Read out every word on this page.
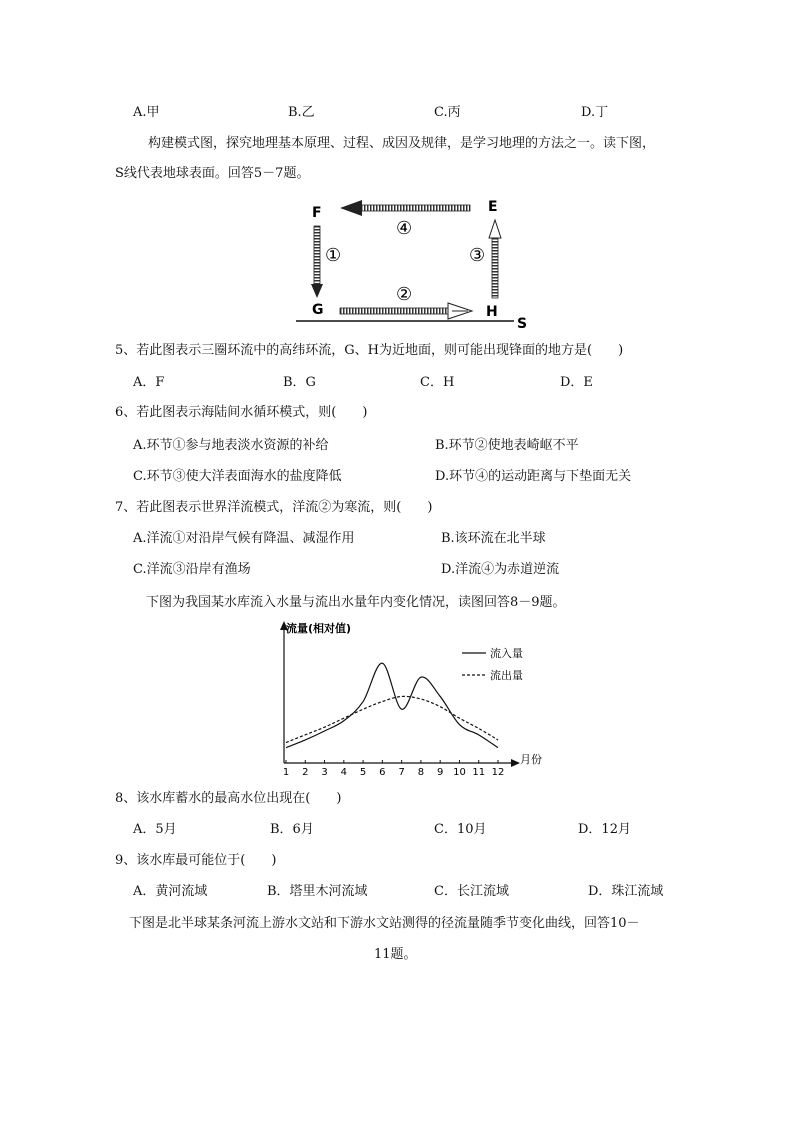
A.甲	B.乙	C.丙	D.丁
构建模式图，探究地理基本原理、过程、成因及规律，是学习地理的方法之一。读下图，
S线代表地球表面。回答5－7题。
F	E
G	H
S
④
①	③
②
5、若此图表示三圈环流中的高纬环流，G、H为近地面，则可能出现锋面的地方是(　　)
A．F	B．G	C．H	D．E
6、若此图表示海陆间水循环模式，则(　　)
A.环节①参与地表淡水资源的补给	B.环节②使地表崎岖不平
C.环节③使大洋表面海水的盐度降低	D.环节④的运动距离与下垫面无关
7、若此图表示世界洋流模式，洋流②为寒流，则(　　)
A.洋流①对沿岸气候有降温、减湿作用	B.该环流在北半球
C.洋流③沿岸有渔场	D.洋流④为赤道逆流
下图为我国某水库流入水量与流出水量年内变化情况，读图回答8－9题。
流量(相对值)
月份
流入量
流出量
1 2 3 4 5 6 7 8 9 10 11 12
8、该水库蓄水的最高水位出现在(　　)
A．5月	B．6月	C．10月	D．12月
9、该水库最可能位于(　　)
A．黄河流域	B．塔里木河流域	C．长江流域	D．珠江流域
下图是北半球某条河流上游水文站和下游水文站测得的径流量随季节变化曲线，回答10－
11题。
